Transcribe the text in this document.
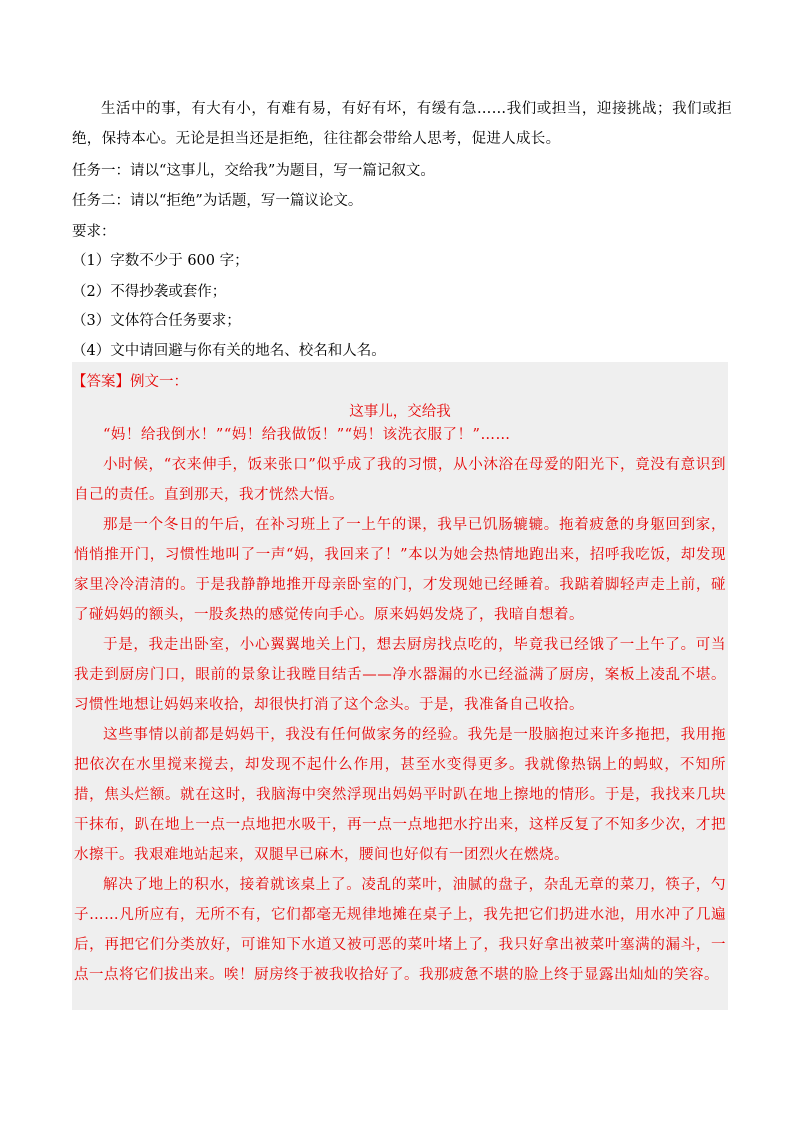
生活中的事，有大有小，有难有易，有好有坏，有缓有急……我们或担当，迎接挑战；我们或拒绝，保持本心。无论是担当还是拒绝，往往都会带给人思考，促进人成长。

任务一：请以“这事儿，交给我”为题目，写一篇记叙文。
任务二：请以“拒绝”为话题，写一篇议论文。
要求：
（1）字数不少于 600 字；
（2）不得抄袭或套作；
（3）文体符合任务要求；
（4）文中请回避与你有关的地名、校名和人名。
【答案】例文一：
这事儿，交给我

“妈！给我倒水！”“妈！给我做饭！”“妈！该洗衣服了！”……

小时候，“衣来伸手，饭来张口”似乎成了我的习惯，从小沐浴在母爱的阳光下，竟没有意识到自己的责任。直到那天，我才恍然大悟。

那是一个冬日的午后，在补习班上了一上午的课，我早已饥肠辘辘。拖着疲惫的身躯回到家，悄悄推开门，习惯性地叫了一声“妈，我回来了！”本以为她会热情地跑出来，招呼我吃饭，却发现家里冷冷清清的。于是我静静地推开母亲卧室的门，才发现她已经睡着。我踮着脚轻声走上前，碰了碰妈妈的额头，一股炙热的感觉传向手心。原来妈妈发烧了，我暗自想着。

于是，我走出卧室，小心翼翼地关上门，想去厨房找点吃的，毕竟我已经饿了一上午了。可当我走到厨房门口，眼前的景象让我瞠目结舌——净水器漏的水已经溢满了厨房，案板上凌乱不堪。习惯性地想让妈妈来收拾，却很快打消了这个念头。于是，我准备自己收拾。

这些事情以前都是妈妈干，我没有任何做家务的经验。我先是一股脑抱过来许多拖把，我用拖把依次在水里搅来搅去，却发现不起什么作用，甚至水变得更多。我就像热锅上的蚂蚁，不知所措，焦头烂额。就在这时，我脑海中突然浮现出妈妈平时趴在地上擦地的情形。于是，我找来几块干抹布，趴在地上一点一点地把水吸干，再一点一点地把水拧出来，这样反复了不知多少次，才把水擦干。我艰难地站起来，双腿早已麻木，腰间也好似有一团烈火在燃烧。

解决了地上的积水，接着就该桌上了。凌乱的菜叶，油腻的盘子，杂乱无章的菜刀，筷子，勺子……凡所应有，无所不有，它们都毫无规律地摊在桌子上，我先把它们扔进水池，用水冲了几遍后，再把它们分类放好，可谁知下水道又被可恶的菜叶堵上了，我只好拿出被菜叶塞满的漏斗，一点一点将它们拔出来。唉！厨房终于被我收拾好了。我那疲惫不堪的脸上终于显露出灿灿的笑容。
